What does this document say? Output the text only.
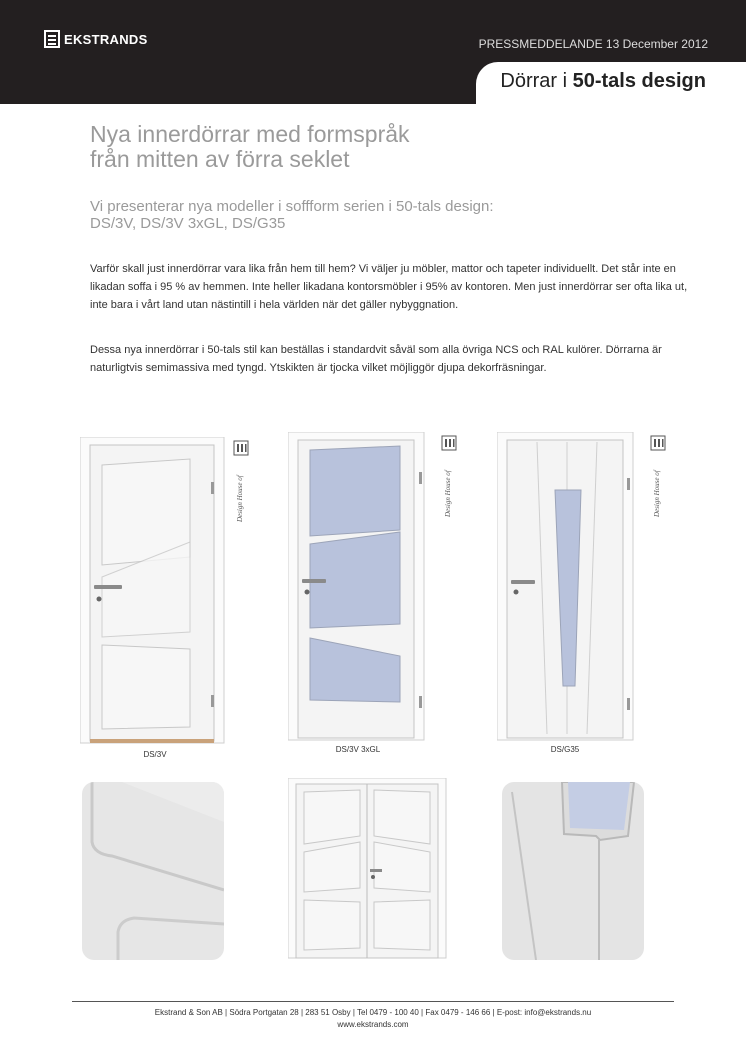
EKSTRANDS	PRESSMEDDELANDE 13 December 2012
Dörrar i 50-tals design
Nya innerdörrar med formspråk
från mitten av förra seklet

Vi presenterar nya modeller i soffform serien i 50-tals design:
DS/3V, DS/3V 3xGL, DS/G35

Varför skall just innerdörrar vara lika från hem till hem? Vi väljer ju möbler, mattor och tapeter individuellt. Det står inte en likadan soffa i 95 % av hemmen. Inte heller likadana kontorsmöbler i 95% av kontoren. Men just innerdörrar ser ofta lika ut, inte bara i vårt land utan nästintill i hela världen när det gäller nybyggnation.

Dessa nya innerdörrar i 50-tals stil kan beställas i standardvit såväl som alla övriga NCS och RAL kulörer. Dörrarna är naturligtvis semimassiva med tyngd. Ytskikten är tjocka vilket möjliggör djupa dekorfräsningar.

Design House of
DS/3V
Design House of
DS/3V 3xGL
Design House of
DS/G35
Ekstrand & Son AB | Södra Portgatan 28 | 283 51 Osby | Tel 0479 - 100 40 | Fax 0479 - 146 66 | E-post: info@ekstrands.nu
www.ekstrands.com
